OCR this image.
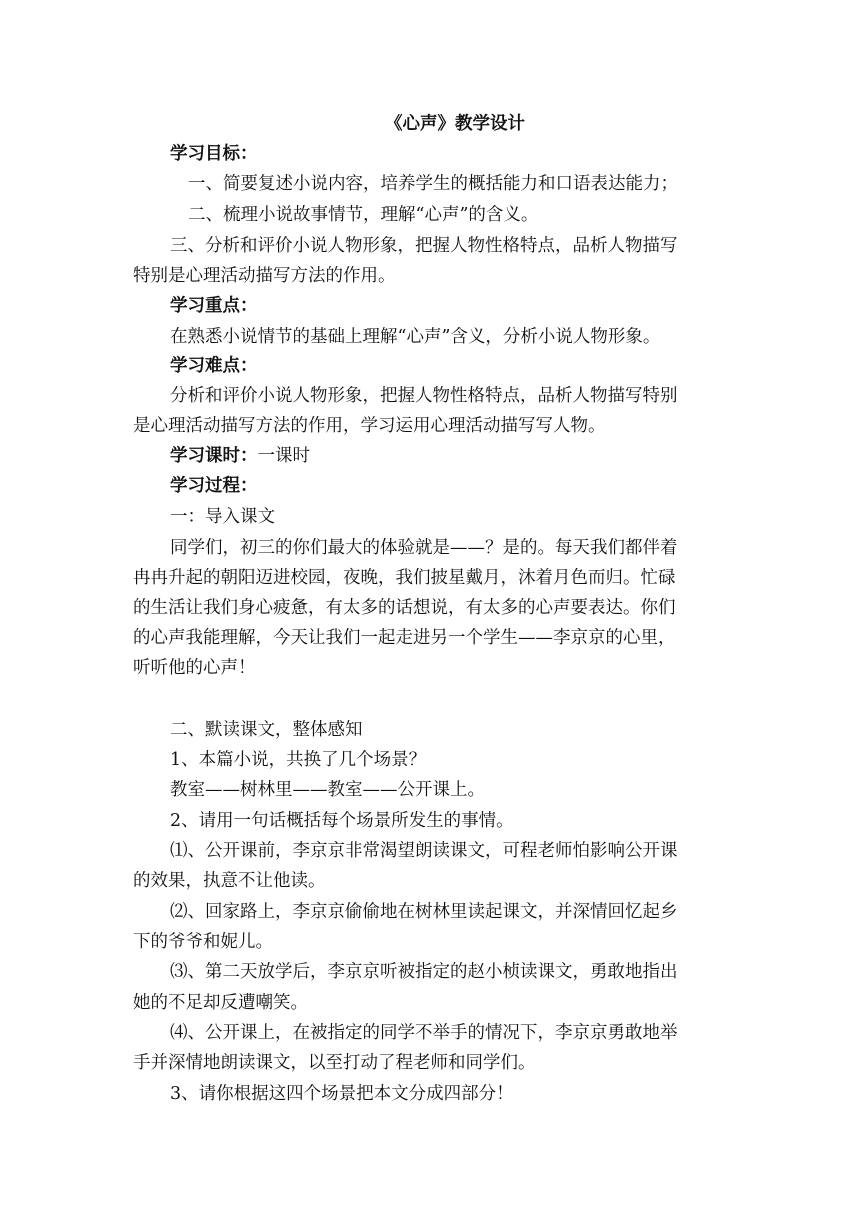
《心声》教学设计
学习目标：
一、简要复述小说内容，培养学生的概括能力和口语表达能力；
二、梳理小说故事情节，理解“心声”的含义。
三、分析和评价小说人物形象，把握人物性格特点，品析人物描写
特别是心理活动描写方法的作用。
学习重点：
在熟悉小说情节的基础上理解“心声”含义，分析小说人物形象。
学习难点：
分析和评价小说人物形象，把握人物性格特点，品析人物描写特别
是心理活动描写方法的作用，学习运用心理活动描写写人物。
学习课时：一课时
学习过程：
一：导入课文
同学们，初三的你们最大的体验就是——？是的。每天我们都伴着
冉冉升起的朝阳迈进校园，夜晚，我们披星戴月，沐着月色而归。忙碌
的生活让我们身心疲惫，有太多的话想说，有太多的心声要表达。你们
的心声我能理解，今天让我们一起走进另一个学生——李京京的心里，
听听他的心声！
二、默读课文，整体感知
1、本篇小说，共换了几个场景？
教室——树林里——教室——公开课上。
2、请用一句话概括每个场景所发生的事情。
⑴、公开课前，李京京非常渴望朗读课文，可程老师怕影响公开课
的效果，执意不让他读。
⑵、回家路上，李京京偷偷地在树林里读起课文，并深情回忆起乡
下的爷爷和妮儿。
⑶、第二天放学后，李京京听被指定的赵小桢读课文，勇敢地指出
她的不足却反遭嘲笑。
⑷、公开课上，在被指定的同学不举手的情况下，李京京勇敢地举
手并深情地朗读课文，以至打动了程老师和同学们。
3、请你根据这四个场景把本文分成四部分！
